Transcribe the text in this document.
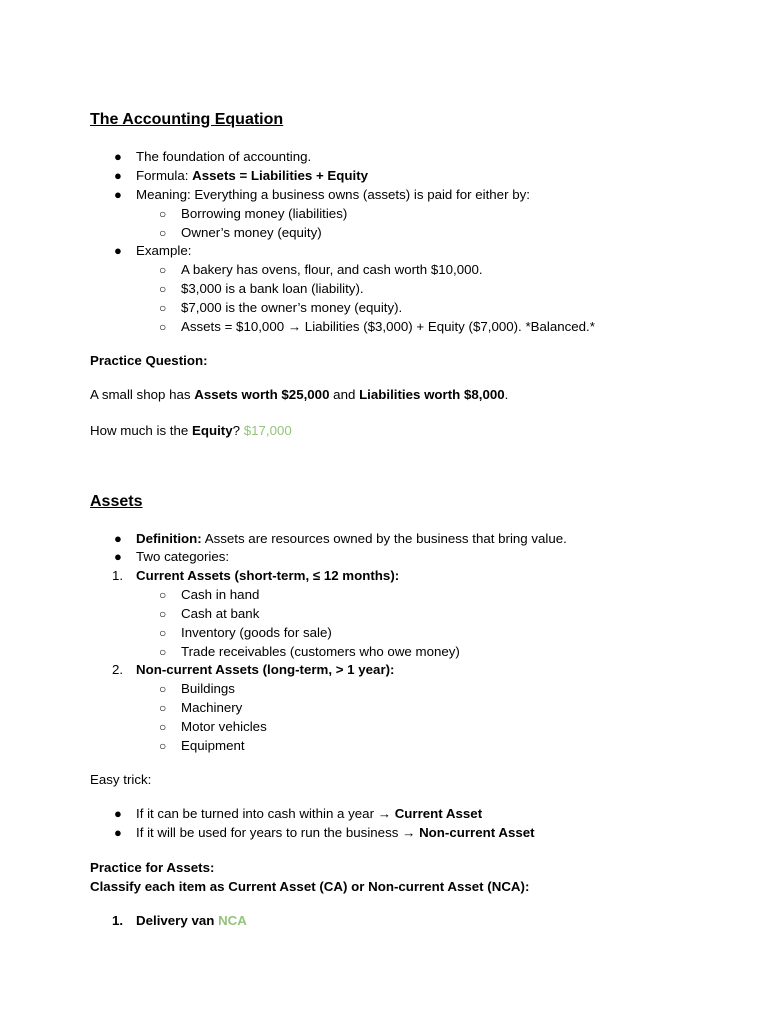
The Accounting Equation
● The foundation of accounting.
● Formula: Assets = Liabilities + Equity
● Meaning: Everything a business owns (assets) is paid for either by:
○ Borrowing money (liabilities)
○ Owner’s money (equity)
● Example:
○ A bakery has ovens, flour, and cash worth $10,000.
○ $3,000 is a bank loan (liability).
○ $7,000 is the owner’s money (equity).
○ Assets = $10,000 → Liabilities ($3,000) + Equity ($7,000). *Balanced.*
Practice Question:
A small shop has Assets worth $25,000 and Liabilities worth $8,000.
How much is the Equity? $17,000
Assets
● Definition: Assets are resources owned by the business that bring value.
● Two categories:
1. Current Assets (short-term, ≤ 12 months):
○ Cash in hand
○ Cash at bank
○ Inventory (goods for sale)
○ Trade receivables (customers who owe money)
2. Non-current Assets (long-term, > 1 year):
○ Buildings
○ Machinery
○ Motor vehicles
○ Equipment
Easy trick:
● If it can be turned into cash within a year → Current Asset
● If it will be used for years to run the business → Non-current Asset
Practice for Assets:
Classify each item as Current Asset (CA) or Non-current Asset (NCA):
1. Delivery van NCA
